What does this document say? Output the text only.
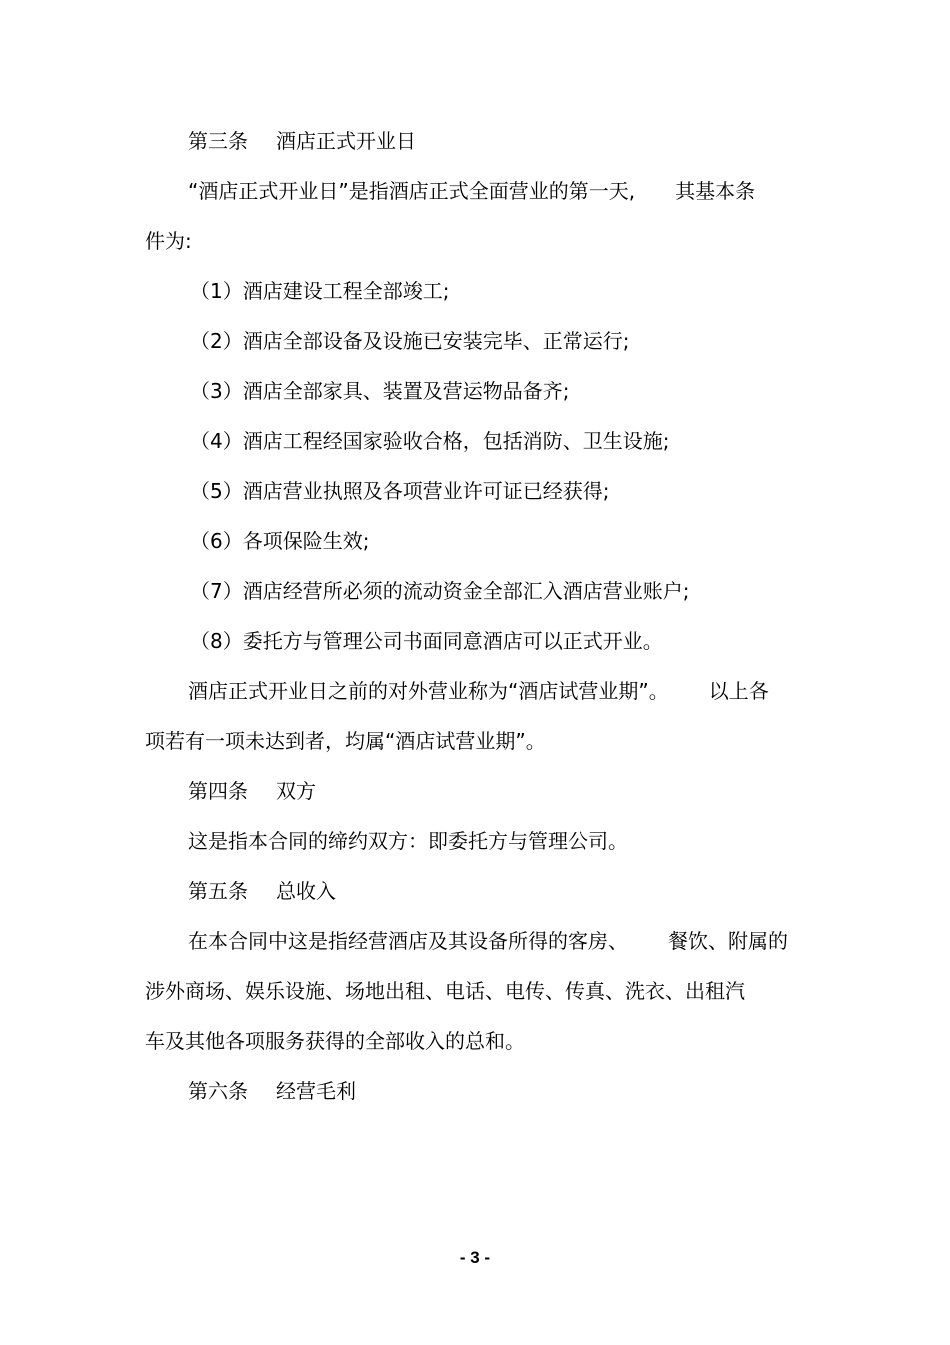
第三条 酒店正式开业日
“酒店正式开业日”是指酒店正式全面营业的第一天, 其基本条
件为:
（1）酒店建设工程全部竣工;
（2）酒店全部设备及设施已安装完毕、正常运行;
（3）酒店全部家具、装置及营运物品备齐;
（4）酒店工程经国家验收合格，包括消防、卫生设施;
（5）酒店营业执照及各项营业许可证已经获得;
（6）各项保险生效;
（7）酒店经营所必须的流动资金全部汇入酒店营业账户;
（8）委托方与管理公司书面同意酒店可以正式开业。
酒店正式开业日之前的对外营业称为“酒店试营业期”。 以上各
项若有一项未达到者，均属“酒店试营业期”。
第四条 双方
这是指本合同的缔约双方：即委托方与管理公司。
第五条 总收入
在本合同中这是指经营酒店及其设备所得的客房、 餐饮、附属的
涉外商场、娱乐设施、场地出租、电话、电传、传真、洗衣、出租汽
车及其他各项服务获得的全部收入的总和。
第六条 经营毛利
- 3 -
